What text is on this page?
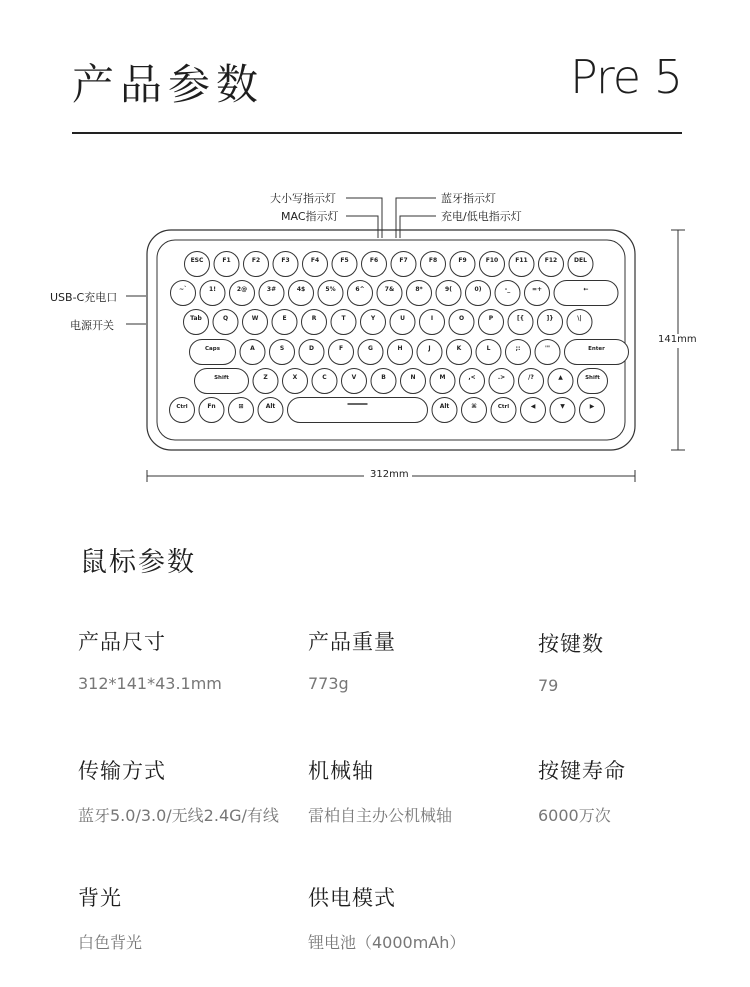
产品参数	Pre 5
ESC	F1	F2	F3	F4	F5	F6	F7	F8	F9	F10	F11	F12	DEL
~`	1!	2@	3#	4$	5%	6^	7&	8*	9(	0)	-_	=+	←
Tab	Q	W	E	R	T	Y	U	I	O	P	[{	]}	\|
Caps	A	S	D	F	G	H	J	K	L	;:	'"	Enter
Shift	Z	X	C	V	B	N	M	,<	.>	/?	▲	Shift
Ctrl	Fn	⊞	Alt	Alt	⌘	Ctrl	◀	▼	▶
大小写指示灯
MAC指示灯
蓝牙指示灯
充电/低电指示灯
USB-C充电口
电源开关
141mm
312mm
鼠标参数
产品尺寸
312*141*43.1mm
产品重量
773g
按键数
79
传输方式
蓝牙5.0/3.0/无线2.4G/有线
机械轴
雷柏自主办公机械轴
按键寿命
6000万次
背光
白色背光
供电模式
锂电池（4000mAh）
